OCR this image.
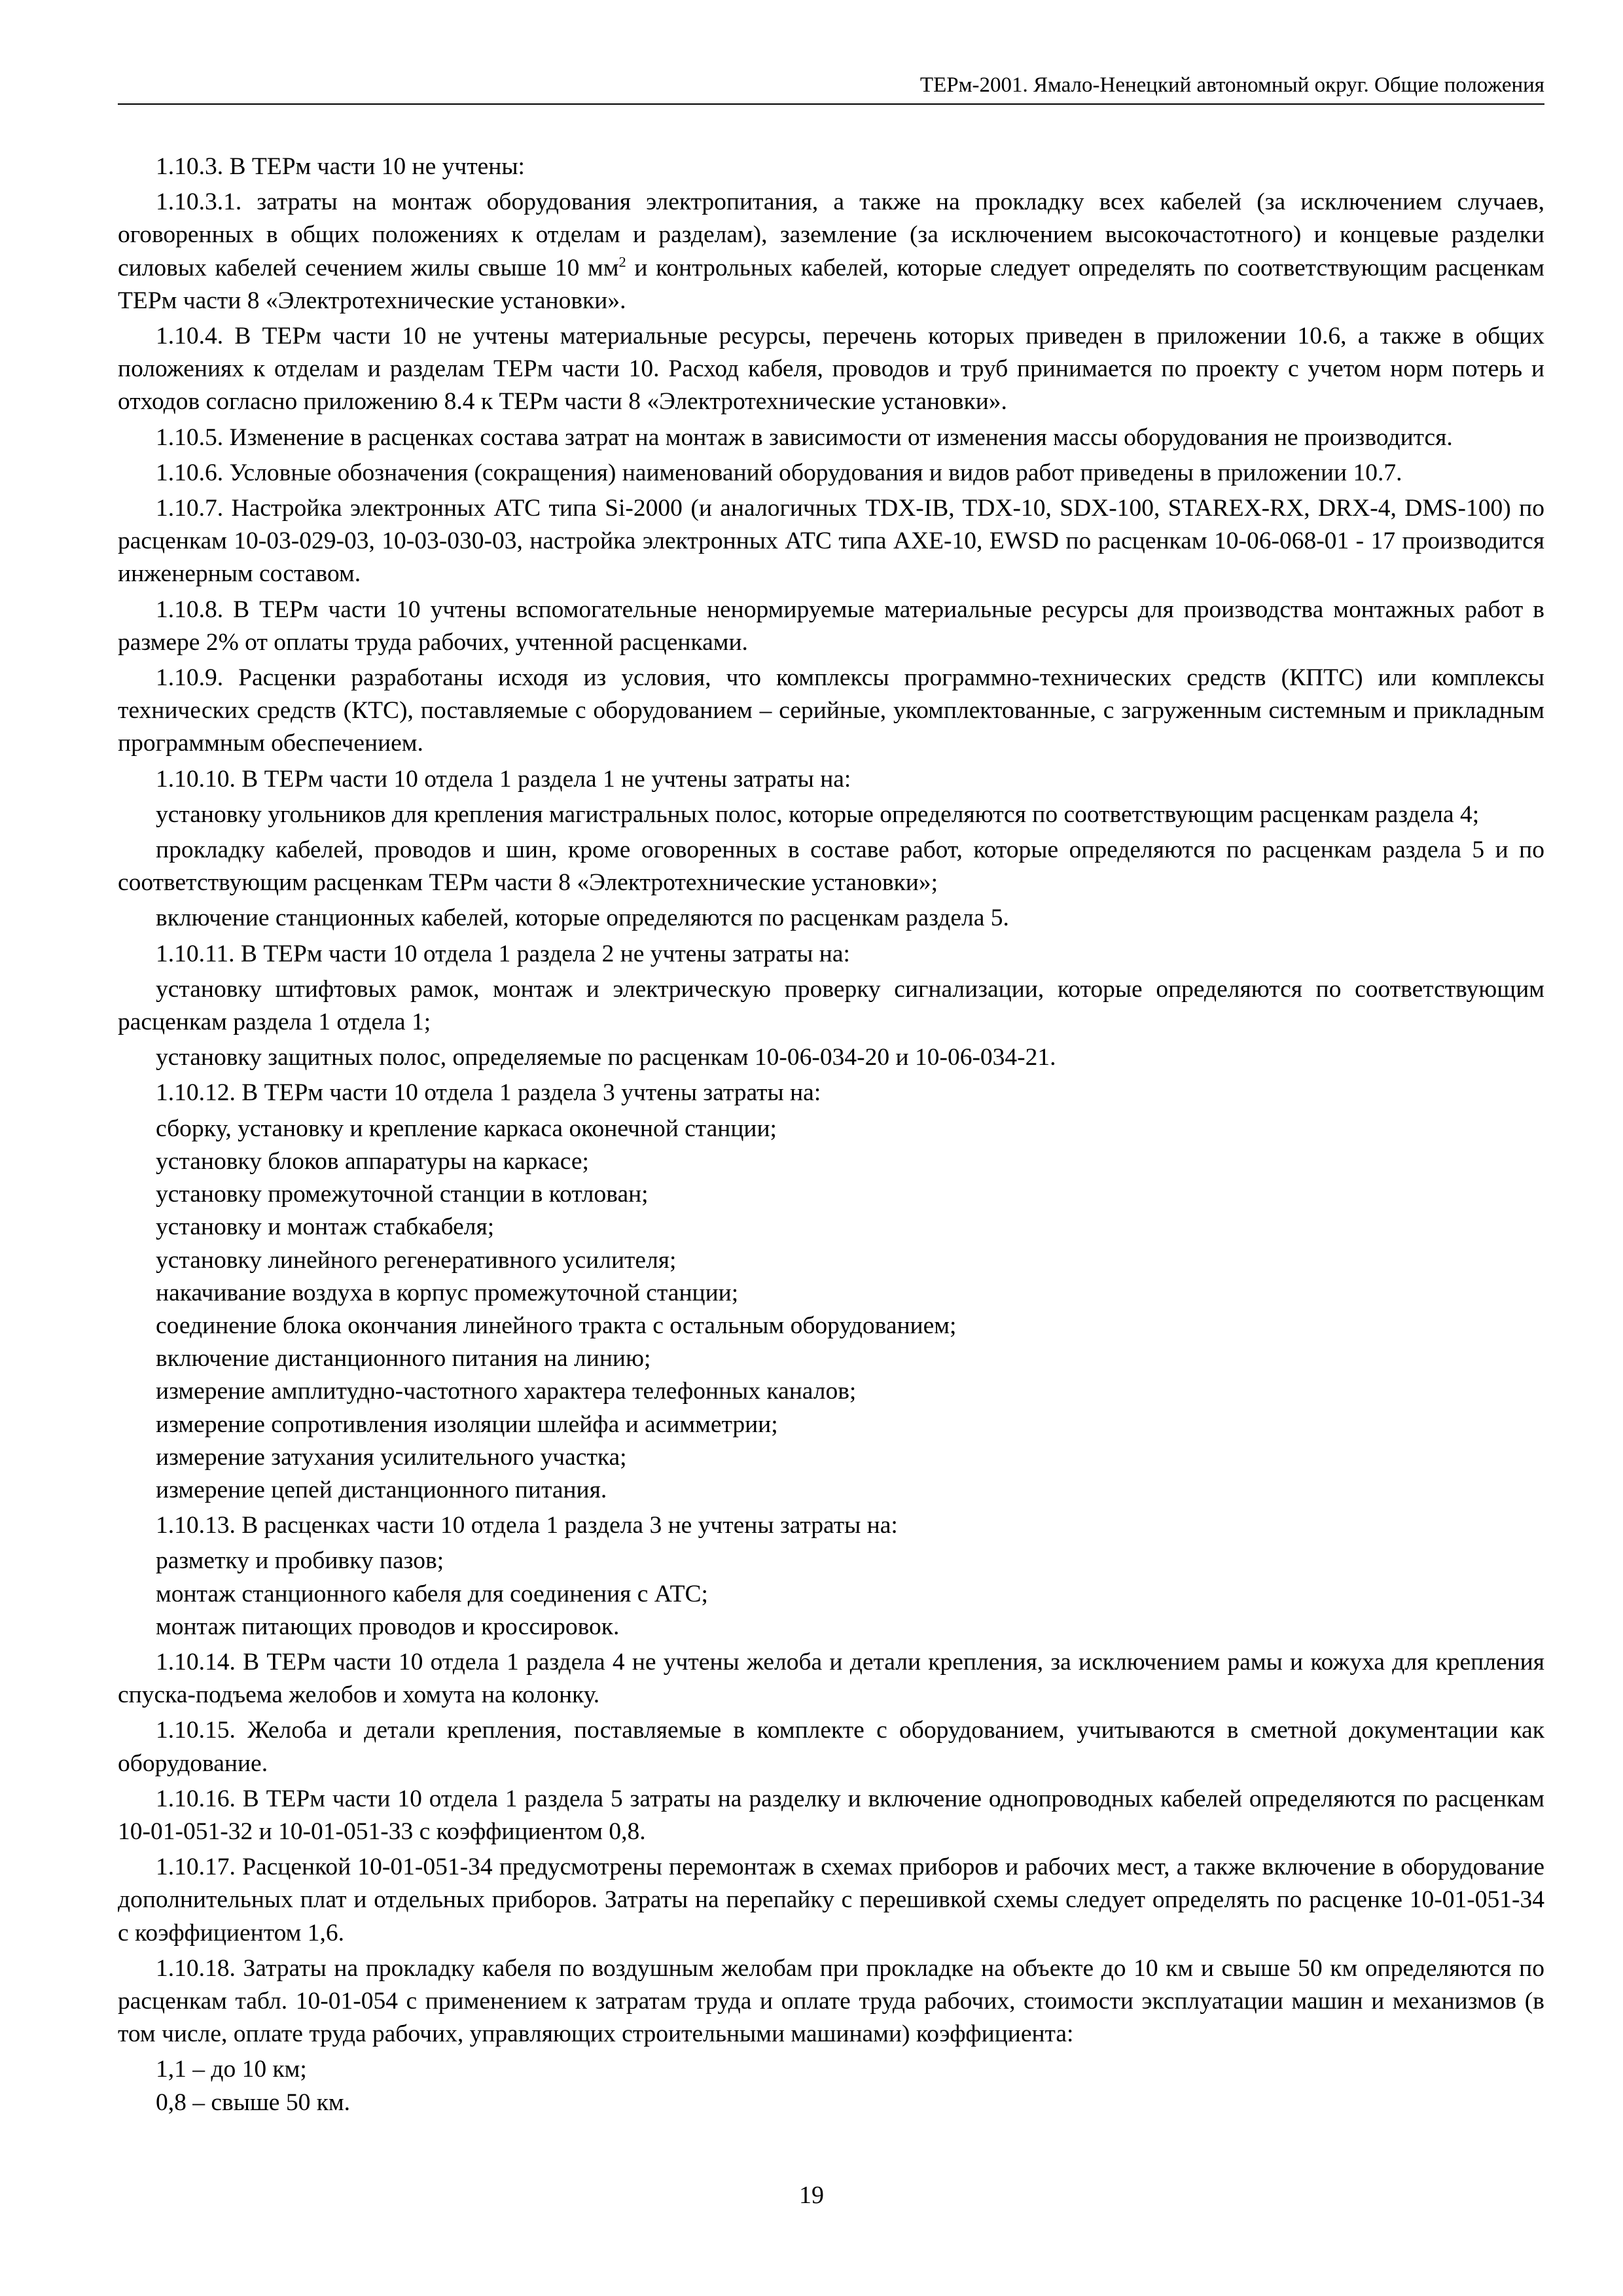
ТЕРм-2001. Ямало-Ненецкий автономный округ. Общие положения

1.10.3. В ТЕРм части 10 не учтены:

1.10.3.1. затраты на монтаж оборудования электропитания, а также на прокладку всех кабелей (за исключением случаев, оговоренных в общих положениях к отделам и разделам), заземление (за исключением высокочастотного) и концевые разделки силовых кабелей сечением жилы свыше 10 $мм^2$ и контрольных кабелей, которые следует определять по соответствующим расценкам ТЕРм части 8 «Электротехнические установки».

1.10.4. В ТЕРм части 10 не учтены материальные ресурсы, перечень которых приведен в приложении 10.6, а также в общих положениях к отделам и разделам ТЕРм части 10. Расход кабеля, проводов и труб принимается по проекту с учетом норм потерь и отходов согласно приложению 8.4 к ТЕРм части 8 «Электротехнические установки».

1.10.5. Изменение в расценках состава затрат на монтаж в зависимости от изменения массы оборудования не производится.

1.10.6. Условные обозначения (сокращения) наименований оборудования и видов работ приведены в приложении 10.7.

1.10.7. Настройка электронных АТС типа Si-2000 (и аналогичных TDX-IB, TDX-10, SDX-100, STAREX-RX, DRX-4, DMS-100) по расценкам 10-03-029-03, 10-03-030-03, настройка электронных АТС типа AXE-10, EWSD по расценкам 10-06-068-01 - 17 производится инженерным составом.

1.10.8. В ТЕРм части 10 учтены вспомогательные ненормируемые материальные ресурсы для производства монтажных работ в размере 2% от оплаты труда рабочих, учтенной расценками.

1.10.9. Расценки разработаны исходя из условия, что комплексы программно-технических средств (КПТС) или комплексы технических средств (КТС), поставляемые с оборудованием – серийные, укомплектованные, с загруженным системным и прикладным программным обеспечением.

1.10.10. В ТЕРм части 10 отдела 1 раздела 1 не учтены затраты на:

установку угольников для крепления магистральных полос, которые определяются по соответствующим расценкам раздела 4;

прокладку кабелей, проводов и шин, кроме оговоренных в составе работ, которые определяются по расценкам раздела 5 и по соответствующим расценкам ТЕРм части 8 «Электротехнические установки»;

включение станционных кабелей, которые определяются по расценкам раздела 5.

1.10.11. В ТЕРм части 10 отдела 1 раздела 2 не учтены затраты на:

установку штифтовых рамок, монтаж и электрическую проверку сигнализации, которые определяются по соответствующим расценкам раздела 1 отдела 1;

установку защитных полос, определяемые по расценкам 10-06-034-20 и 10-06-034-21.

1.10.12. В ТЕРм части 10 отдела 1 раздела 3 учтены затраты на:

сборку, установку и крепление каркаса оконечной станции;

установку блоков аппаратуры на каркасе;

установку промежуточной станции в котлован;

установку и монтаж стабкабеля;

установку линейного регенеративного усилителя;

накачивание воздуха в корпус промежуточной станции;

соединение блока окончания линейного тракта с остальным оборудованием;

включение дистанционного питания на линию;

измерение амплитудно-частотного характера телефонных каналов;

измерение сопротивления изоляции шлейфа и асимметрии;

измерение затухания усилительного участка;

измерение цепей дистанционного питания.

1.10.13. В расценках части 10 отдела 1 раздела 3 не учтены затраты на:

разметку и пробивку пазов;

монтаж станционного кабеля для соединения с АТС;

монтаж питающих проводов и кроссировок.

1.10.14. В ТЕРм части 10 отдела 1 раздела 4 не учтены желоба и детали крепления, за исключением рамы и кожуха для крепления спуска-подъема желобов и хомута на колонку.

1.10.15. Желоба и детали крепления, поставляемые в комплекте с оборудованием, учитываются в сметной документации как оборудование.

1.10.16. В ТЕРм части 10 отдела 1 раздела 5 затраты на разделку и включение однопроводных кабелей определяются по расценкам 10-01-051-32 и 10-01-051-33 с коэффициентом 0,8.

1.10.17. Расценкой 10-01-051-34 предусмотрены перемонтаж в схемах приборов и рабочих мест, а также включение в оборудование дополнительных плат и отдельных приборов. Затраты на перепайку с перешивкой схемы следует определять по расценке 10-01-051-34 с коэффициентом 1,6.

1.10.18. Затраты на прокладку кабеля по воздушным желобам при прокладке на объекте до 10 км и свыше 50 км определяются по расценкам табл. 10-01-054 с применением к затратам труда и оплате труда рабочих, стоимости эксплуатации машин и механизмов (в том числе, оплате труда рабочих, управляющих строительными машинами) коэффициента:

1,1 – до 10 км;

0,8 – свыше 50 км.

19
